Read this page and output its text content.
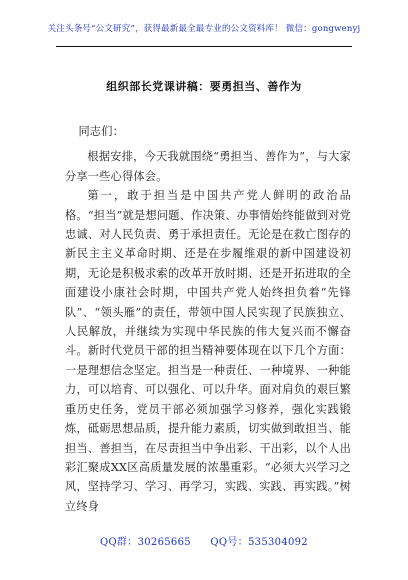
关注头条号“公文研究”，获得最新最全最专业的公文资料库！ 微信：gongwenyj
组织部长党课讲稿：要勇担当、善作为

同志们：

根据安排，今天我就围绕“勇担当、善作为”，与大家分享一些心得体会。

第一，敢于担当是中国共产党人鲜明的政治品格。“担当”就是想问题、作决策、办事情始终能做到对党忠诚、对人民负责、勇于承担责任。无论是在救亡图存的新民主主义革命时期、还是在步履维艰的新中国建设初期，无论是积极求索的改革开放时期、还是开拓进取的全面建设小康社会时期，中国共产党人始终担负着“先锋队”、“领头雁”的责任，带领中国人民实现了民族独立、人民解放，并继续为实现中华民族的伟大复兴而不懈奋斗。新时代党员干部的担当精神要体现在以下几个方面：一是理想信念坚定。担当是一种责任、一种境界、一种能力，可以培育、可以强化、可以升华。面对肩负的艰巨繁重历史任务，党员干部必须加强学习修养，强化实践锻炼，砥砺思想品质，提升能力素质，切实做到敢担当、能担当、善担当，在尽责担当中争出彩、干出彩，以个人出彩汇聚成XX区高质量发展的浓墨重彩。“必须大兴学习之风，坚持学习、学习、再学习，实践、实践、再实践。”树立终身

QQ群：30265665 QQ号：535304092
